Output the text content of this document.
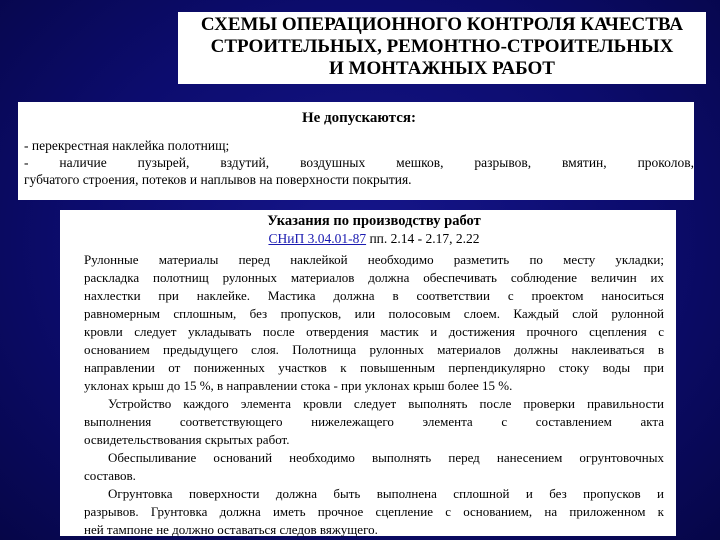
СХЕМЫ ОПЕРАЦИОННОГО КОНТРОЛЯ КАЧЕСТВА
СТРОИТЕЛЬНЫХ, РЕМОНТНО-СТРОИТЕЛЬНЫХ
И МОНТАЖНЫХ РАБОТ
Не допускаются:

- перекрестная наклейка полотнищ;

- наличие пузырей, вздутий, воздушных мешков, разрывов, вмятин, проколов,

губчатого строения, потеков и наплывов на поверхности покрытия.

Указания по производству работ
СНиП 3.04.01-87 пп. 2.14 - 2.17, 2.22
Рулонные материалы перед наклейкой необходимо разметить по месту укладки;
раскладка полотнищ рулонных материалов должна обеспечивать соблюдение величин их
нахлестки при наклейке. Мастика должна в соответствии с проектом наноситься
равномерным сплошным, без пропусков, или полосовым слоем. Каждый слой рулонной
кровли следует укладывать после отвердения мастик и достижения прочного сцепления с
основанием предыдущего слоя. Полотнища рулонных материалов должны наклеиваться в
направлении от пониженных участков к повышенным перпендикулярно стоку воды при
уклонах крыш до 15 %, в направлении стока - при уклонах крыш более 15 %.
Устройство каждого элемента кровли следует выполнять после проверки правильности
выполнения соответствующего нижележащего элемента с составлением акта
освидетельствования скрытых работ.
Обеспыливание оснований необходимо выполнять перед нанесением огрунтовочных
составов.
Огрунтовка поверхности должна быть выполнена сплошной и без пропусков и
разрывов. Грунтовка должна иметь прочное сцепление с основанием, на приложенном к
ней тампоне не должно оставаться следов вяжущего.
